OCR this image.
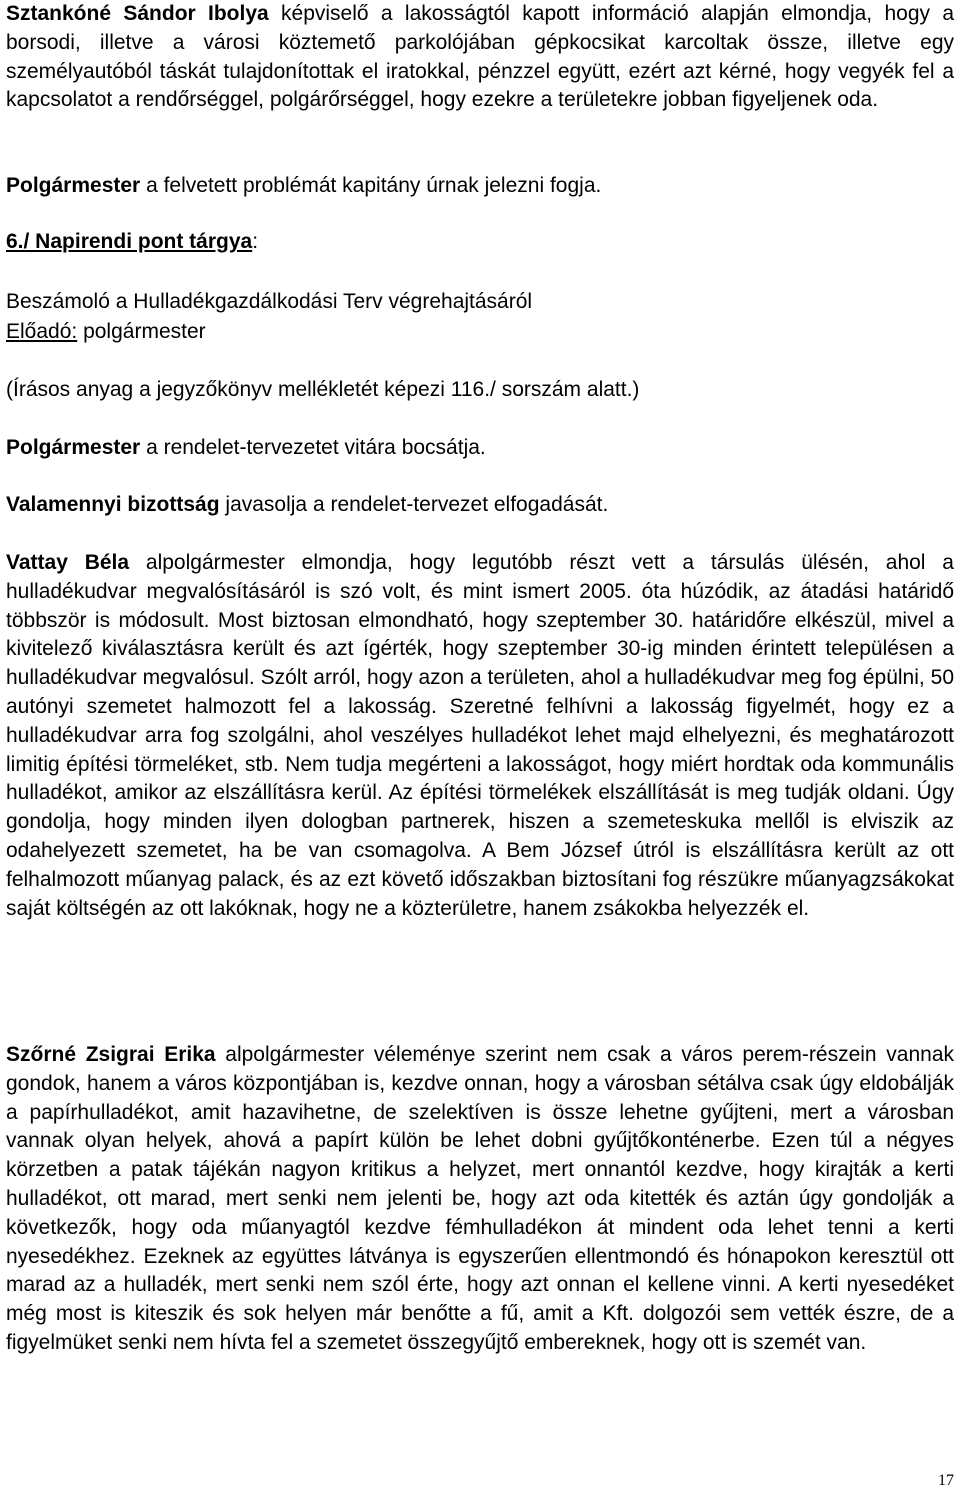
Sztankóné Sándor Ibolya képviselő a lakosságtól kapott információ alapján elmondja, hogy a borsodi, illetve a városi köztemető parkolójában gépkocsikat karcoltak össze, illetve egy személyautóból táskát tulajdonítottak el iratokkal, pénzzel együtt, ezért azt kérné, hogy vegyék fel a kapcsolatot a rendőrséggel, polgárőrséggel, hogy ezekre a területekre jobban figyeljenek oda.

Polgármester a felvetett problémát kapitány úrnak jelezni fogja.

6./ Napirendi pont tárgya:

Beszámoló a Hulladékgazdálkodási Terv végrehajtásáról

Előadó: polgármester

(Írásos anyag a jegyzőkönyv mellékletét képezi 116./ sorszám alatt.)

Polgármester a rendelet-tervezetet vitára bocsátja.

Valamennyi bizottság javasolja a rendelet-tervezet elfogadását.

Vattay Béla alpolgármester elmondja, hogy legutóbb részt vett a társulás ülésén, ahol a hulladékudvar megvalósításáról is szó volt, és mint ismert 2005. óta húzódik, az átadási határidő többször is módosult. Most biztosan elmondható, hogy szeptember 30. határidőre elkészül, mivel a kivitelező kiválasztásra került és azt ígérték, hogy szeptember 30-ig minden érintett településen a hulladékudvar megvalósul. Szólt arról, hogy azon a területen, ahol a hulladékudvar meg fog épülni, 50 autónyi szemetet halmozott fel a lakosság. Szeretné felhívni a lakosság figyelmét, hogy ez a hulladékudvar arra fog szolgálni, ahol veszélyes hulladékot lehet majd elhelyezni, és meghatározott limitig építési törmeléket, stb. Nem tudja megérteni a lakosságot, hogy miért hordtak oda kommunális hulladékot, amikor az elszállításra kerül. Az építési törmelékek elszállítását is meg tudják oldani. Úgy gondolja, hogy minden ilyen dologban partnerek, hiszen a szemeteskuka mellől is elviszik az odahelyezett szemetet, ha be van csomagolva. A Bem József útról is elszállításra került az ott felhalmozott műanyag palack, és az ezt követő időszakban biztosítani fog részükre műanyagzsákokat saját költségén az ott lakóknak, hogy ne a közterületre, hanem zsákokba helyezzék el.

Szőrné Zsigrai Erika alpolgármester véleménye szerint nem csak a város perem-részein vannak gondok, hanem a város központjában is, kezdve onnan, hogy a városban sétálva csak úgy eldobálják a papírhulladékot, amit hazavihetne, de szelektíven is össze lehetne gyűjteni, mert a városban vannak olyan helyek, ahová a papírt külön be lehet dobni gyűjtőkonténerbe. Ezen túl a négyes körzetben a patak tájékán nagyon kritikus a helyzet, mert onnantól kezdve, hogy kirajták a kerti hulladékot, ott marad, mert senki nem jelenti be, hogy azt oda kitették és aztán úgy gondolják a következők, hogy oda műanyagtól kezdve fémhulladékon át mindent oda lehet tenni a kerti nyesedékhez. Ezeknek az együttes látványa is egyszerűen ellentmondó és hónapokon keresztül ott marad az a hulladék, mert senki nem szól érte, hogy azt onnan el kellene vinni. A kerti nyesedéket még most is kiteszik és sok helyen már benőtte a fű, amit a Kft. dolgozói sem vették észre, de a figyelmüket senki nem hívta fel a szemetet összegyűjtő embereknek, hogy ott is szemét van.

17
